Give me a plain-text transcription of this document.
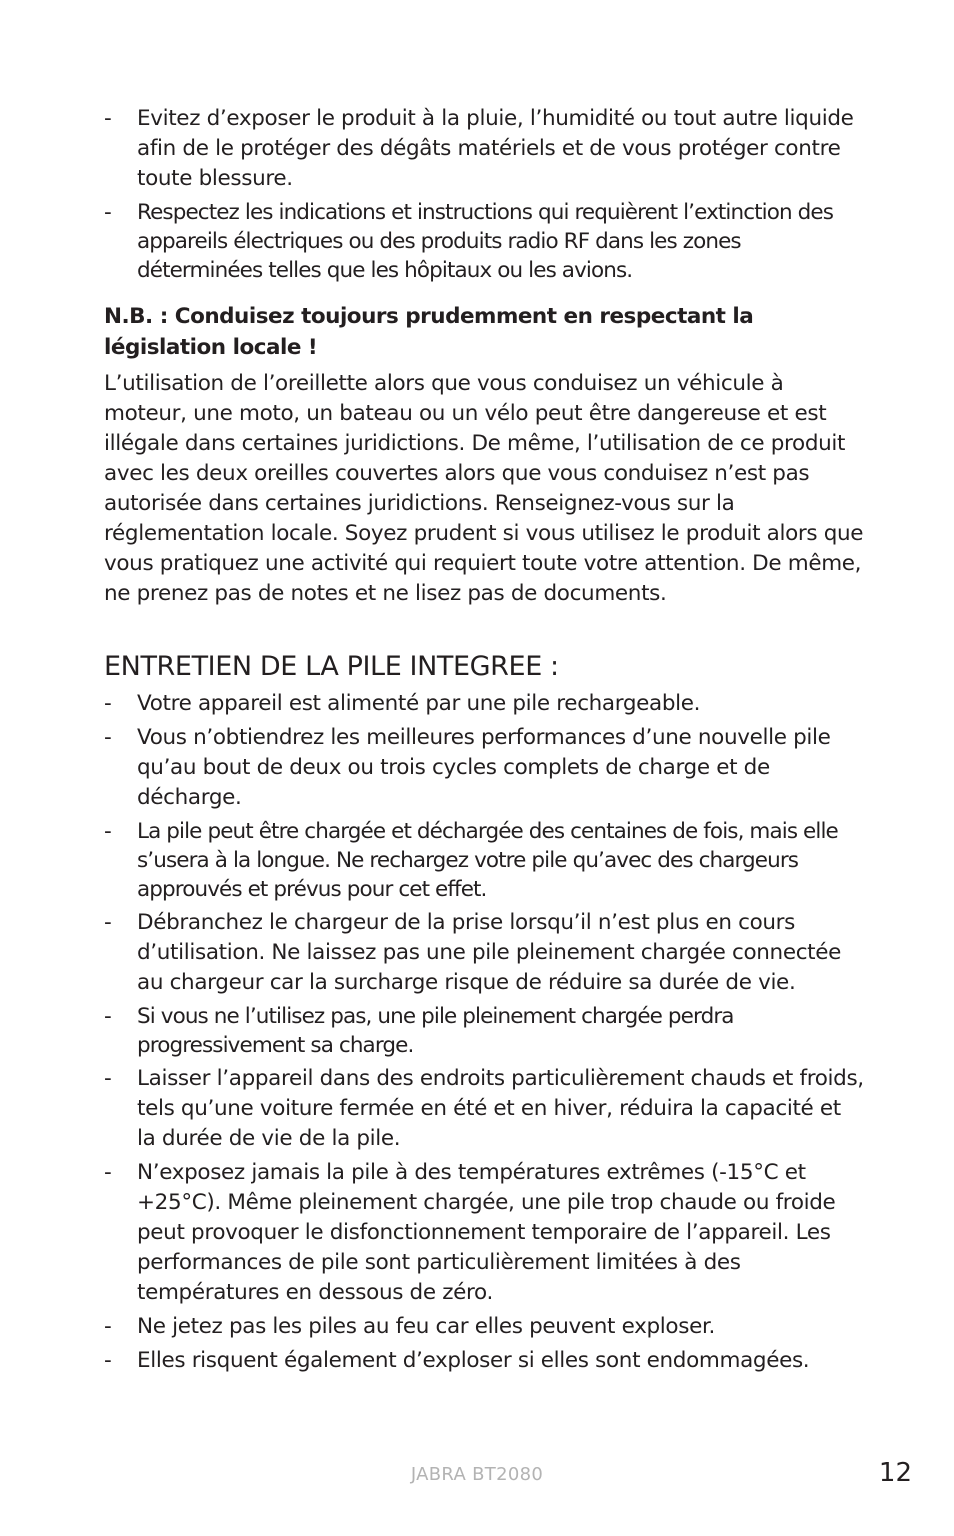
- Evitez d’exposer le produit à la pluie, l’humidité ou tout autre liquide afin de le protéger des dégâts matériels et de vous protéger contre toute blessure.
- Respectez les indications et instructions qui requièrent l’extinction des appareils électriques ou des produits radio RF dans les zones déterminées telles que les hôpitaux ou les avions.
N.B. : Conduisez toujours prudemment en respectant la législation locale !

L’utilisation de l’oreillette alors que vous conduisez un véhicule à moteur, une moto, un bateau ou un vélo peut être dangereuse et est illégale dans certaines juridictions. De même, l’utilisation de ce produit avec les deux oreilles couvertes alors que vous conduisez n’est pas autorisée dans certaines juridictions. Renseignez-vous sur la réglementation locale. Soyez prudent si vous utilisez le produit alors que vous pratiquez une activité qui requiert toute votre attention. De même, ne prenez pas de notes et ne lisez pas de documents.

ENTRETIEN DE LA PILE INTEGREE :
- Votre appareil est alimenté par une pile rechargeable.
- Vous n’obtiendrez les meilleures performances d’une nouvelle pile qu’au bout de deux ou trois cycles complets de charge et de décharge.
- La pile peut être chargée et déchargée des centaines de fois, mais elle s’usera à la longue. Ne rechargez votre pile qu’avec des chargeurs approuvés et prévus pour cet effet.
- Débranchez le chargeur de la prise lorsqu’il n’est plus en cours d’utilisation. Ne laissez pas une pile pleinement chargée connectée au chargeur car la surcharge risque de réduire sa durée de vie.
- Si vous ne l’utilisez pas, une pile pleinement chargée perdra progressivement sa charge.
- Laisser l’appareil dans des endroits particulièrement chauds et froids, tels qu’une voiture fermée en été et en hiver, réduira la capacité et la durée de vie de la pile.
- N’exposez jamais la pile à des températures extrêmes (-15°C et +25°C). Même pleinement chargée, une pile trop chaude ou froide peut provoquer le disfonctionnement temporaire de l’appareil. Les performances de pile sont particulièrement limitées à des températures en dessous de zéro.
- Ne jetez pas les piles au feu car elles peuvent exploser.
- Elles risquent également d’exploser si elles sont endommagées.
JABRA BT2080	12
